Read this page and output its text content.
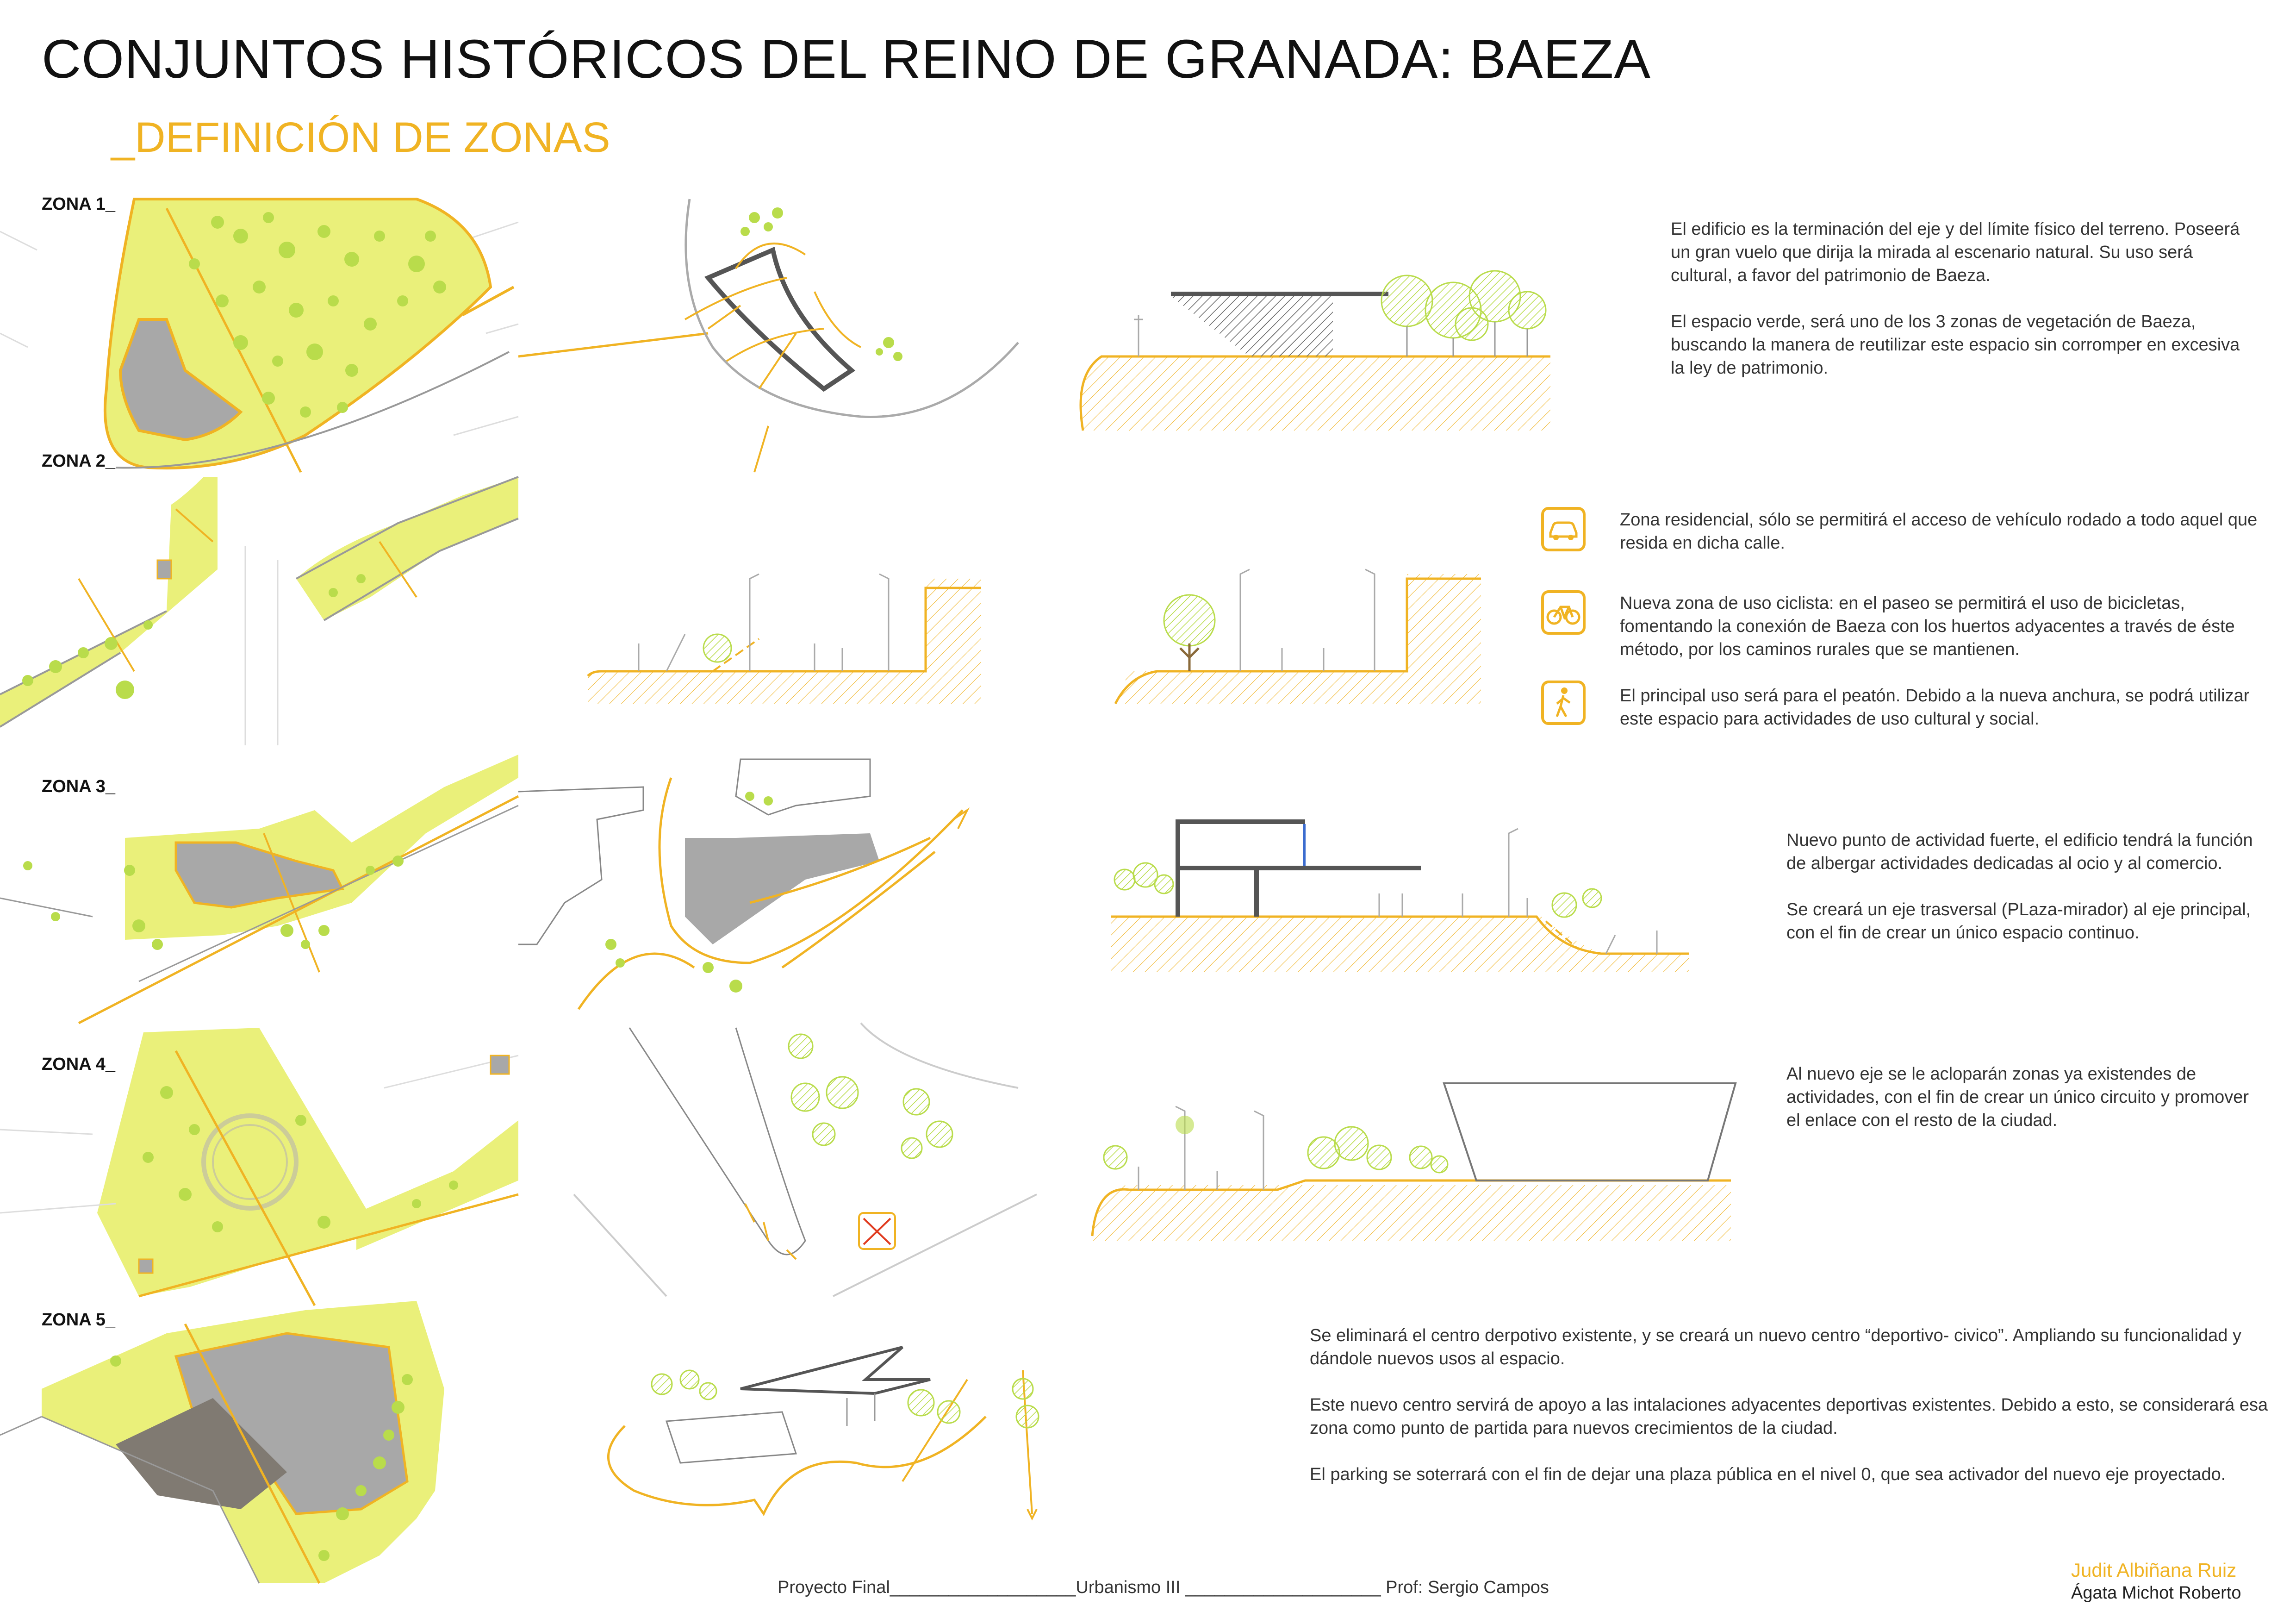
CONJUNTOS HISTÓRICOS DEL REINO DE GRANADA: BAEZA
_DEFINICIÓN DE ZONAS
ZONA 1_
ZONA 2_
ZONA 3_
ZONA 4_
ZONA 5_

El edificio es la terminación del eje y del límite físico del terreno. Poseerá un gran vuelo que dirija la mirada al escenario natural. Su uso será cultural, a favor del patrimonio de Baeza.

El espacio verde, será uno de los 3 zonas de vegetación de Baeza, buscando la manera de reutilizar este espacio sin corromper en excesiva la ley de patrimonio.

Zona residencial, sólo se permitirá el acceso de vehículo rodado a todo aquel que resida en dicha calle.
Nueva zona de uso ciclista: en el paseo se permitirá el uso de bicicletas, fomentando la conexión de Baeza con los huertos adyacentes a través de éste método, por los caminos rurales que se mantienen.
El principal uso será para el peatón. Debido a la nueva anchura, se podrá utilizar este espacio para actividades de uso cultural y social.

Nuevo punto de actividad fuerte, el edificio tendrá la función de albergar actividades dedicadas al ocio y al comercio.

Se creará un eje trasversal (PLaza-mirador) al eje principal, con el fin de crear un único espacio continuo.

Al nuevo eje se le acloparán zonas ya existendes de actividades, con el fin de crear un único circuito y promover el enlace con el resto de la ciudad.

Se eliminará el centro derpotivo existente, y se creará un nuevo centro “deportivo- civico”. Ampliando su funcionalidad y dándole nuevos usos al espacio.

Este nuevo centro servirá de apoyo a las intalaciones adyacentes deportivas existentes. Debido a esto, se considerará esa zona como punto de partida para nuevos crecimientos de la ciudad.

El parking se soterrará con el fin de dejar una plaza pública en el nivel 0, que sea activador del nuevo eje proyectado.

Proyecto Final___________________Urbanismo III ____________________ Prof: Sergio Campos
Judit Albiñana Ruiz
Ágata Michot Roberto
